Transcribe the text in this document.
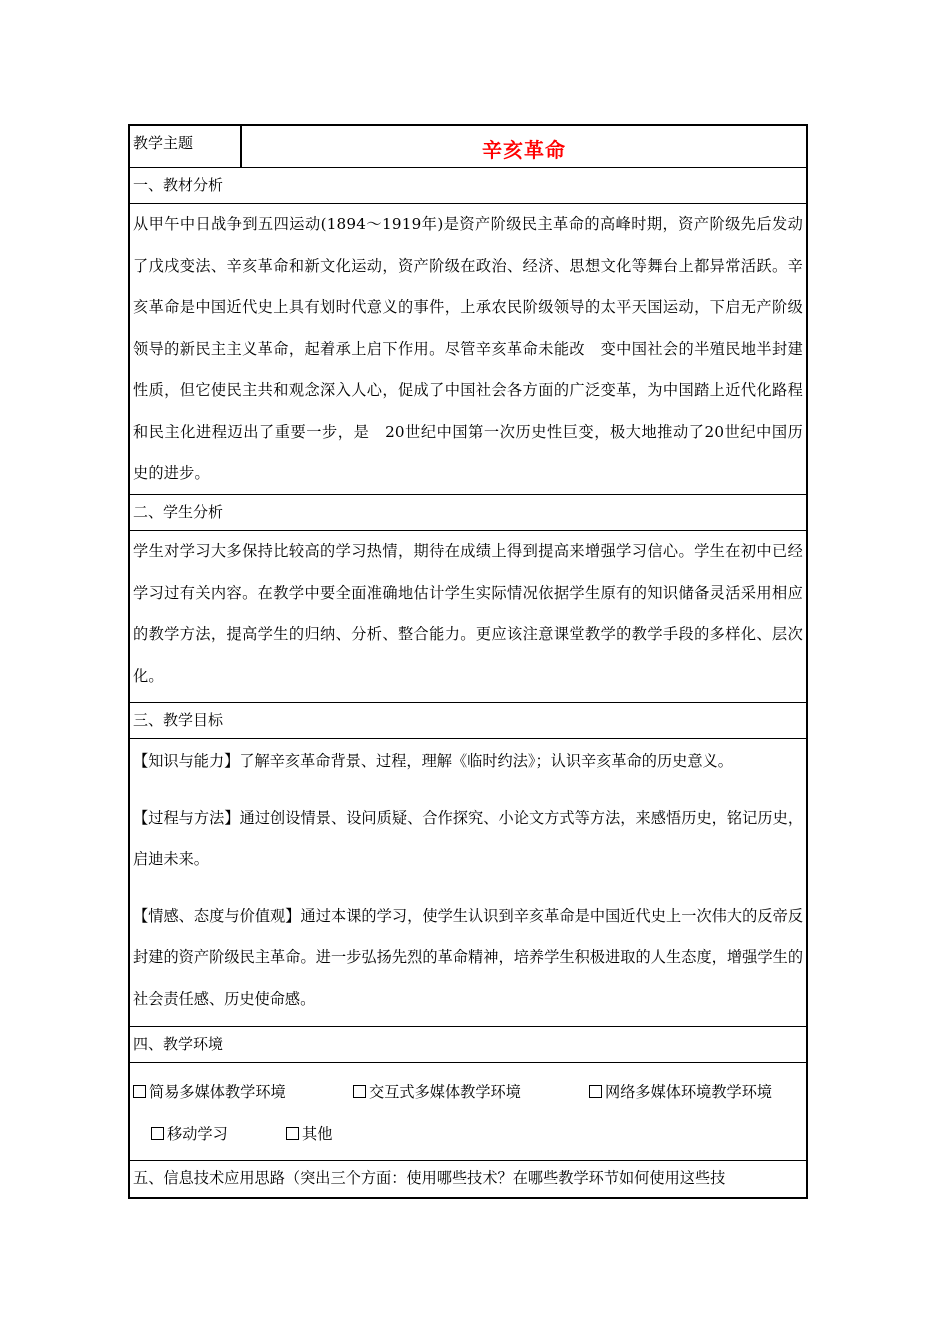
教学主题	辛亥革命
一、教材分析

从甲午中日战争到五四运动(1894～1919年)是资产阶级民主革命的高峰时期，资产阶级先后发动了戊戌变法、辛亥革命和新文化运动，资产阶级在政治、经济、思想文化等舞台上都异常活跃。辛　亥革命是中国近代史上具有划时代意义的事件，上承农民阶级领导的太平天国运动，下启无产阶级领导的新民主主义革命，起着承上启下作用。尽管辛亥革命未能改　变中国社会的半殖民地半封建性质，但它使民主共和观念深入人心，促成了中国社会各方面的广泛变革，为中国踏上近代化路程和民主化进程迈出了重要一步，是　20世纪中国第一次历史性巨变，极大地推动了20世纪中国历史的进步。

二、学生分析

学生对学习大多保持比较高的学习热情，期待在成绩上得到提高来增强学习信心。学生在初中已经学习过有关内容。在教学中要全面准确地估计学生实际情况依据学生原有的知识储备灵活采用相应的教学方法，提高学生的归纳、分析、整合能力。更应该注意课堂教学的教学手段的多样化、层次化。

三、教学目标

【知识与能力】了解辛亥革命背景、过程，理解《临时约法》；认识辛亥革命的历史意义。

【过程与方法】通过创设情景、设问质疑、合作探究、小论文方式等方法，来感悟历史，铭记历史，启迪未来。

【情感、态度与价值观】通过本课的学习，使学生认识到辛亥革命是中国近代史上一次伟大的反帝反封建的资产阶级民主革命。进一步弘扬先烈的革命精神，培养学生积极进取的人生态度，增强学生的社会责任感、历史使命感。

四、教学环境
简易多媒体教学环境	交互式多媒体教学环境	网络多媒体环境教学环境
移动学习	其他
五、信息技术应用思路（突出三个方面：使用哪些技术？在哪些教学环节如何使用这些技
